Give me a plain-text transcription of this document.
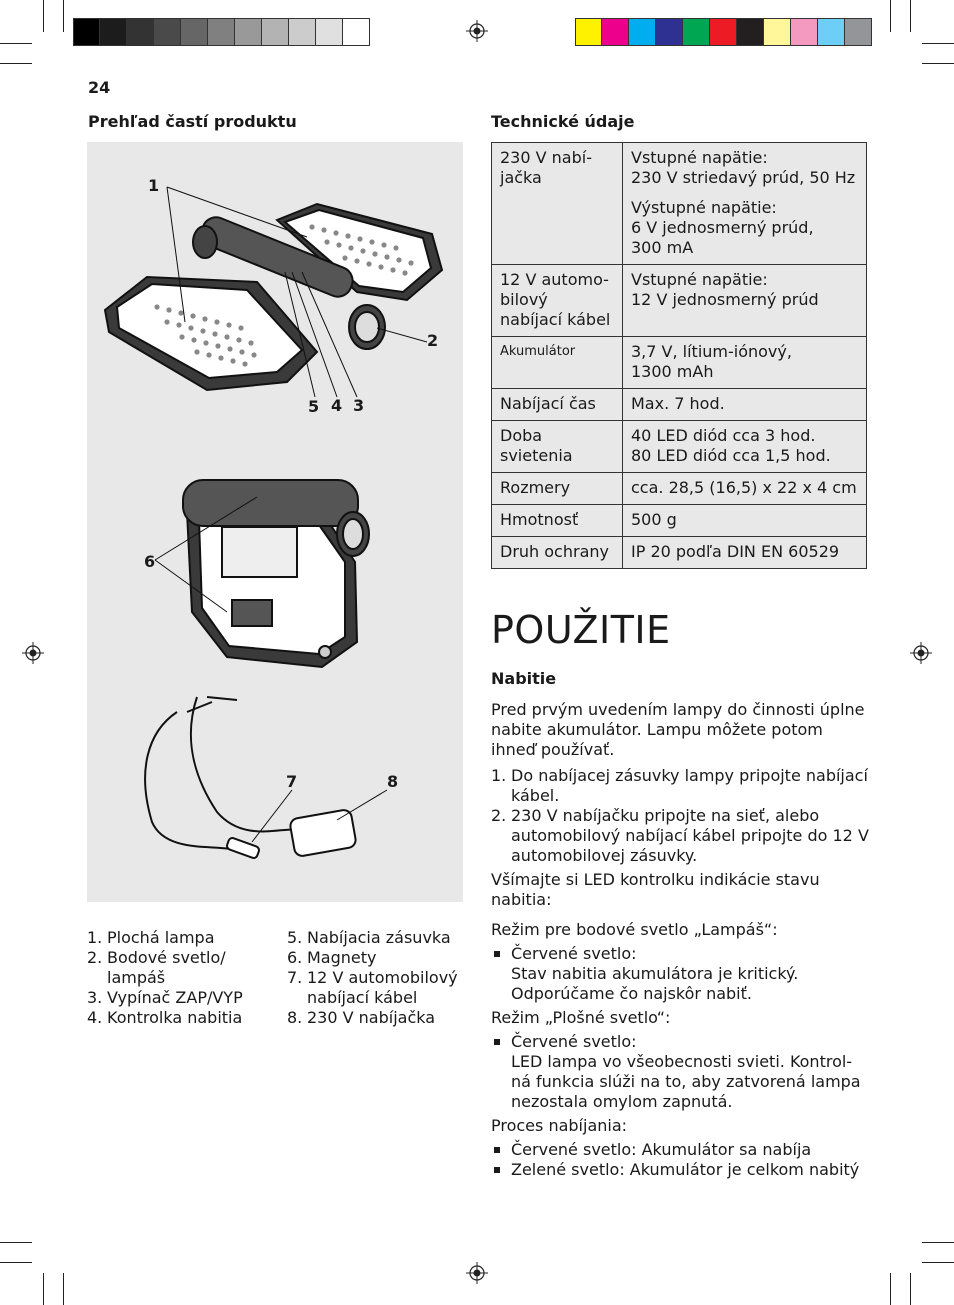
24
Prehľad častí produktu
1
2
3
4
5
6
7	8
1. Plochá lampa
2. Bodové svetlo/ lampáš
3. Vypínač ZAP/VYP
4. Kontrolka nabitia
5. Nabíjacia zásuvka
6. Magnety
7. 12 V automobilový nabíjací kábel
8. 230 V nabíjačka
Technické údaje
230 V nabí- jačka	Vstupné napätie:
230 V striedavý prúd, 50 Hz
Výstupné napätie:
6 V jednosmerný prúd,
300 mA

12 V automo- bilový nabíjací kábel	Vstupné napätie:
12 V jednosmerný prúd

Akumulátor	3,7 V, lítium-iónový,
1300 mAh

Nabíjací čas	Max. 7 hod.
Doba svietenia	40 LED diód cca 3 hod.
80 LED diód cca 1,5 hod.

Rozmery	cca. 28,5 (16,5) x 22 x 4 cm
Hmotnosť	500 g
Druh ochrany	IP 20 podľa DIN EN 60529
POUŽITIE
Nabitie
Pred prvým uvedením lampy do činnosti úplne nabite akumulátor. Lampu môžete potom ihneď používať.
1. Do nabíjacej zásuvky lampy pripojte nabíjací kábel.
2. 230 V nabíjačku pripojte na sieť, alebo automobilový nabíjací kábel pripojte do 12 V automobilovej zásuvky.
Všímajte si LED kontrolku indikácie stavu nabitia:
Režim pre bodové svetlo „Lampáš“:
Červené svetlo:
Stav nabitia akumulátora je kritický. Odporúčame čo najskôr nabiť.
Režim „Plošné svetlo“:
Červené svetlo:
LED lampa vo všeobecnosti svieti. Kontrol-ná funkcia slúži na to, aby zatvorená lampa nezostala omylom zapnutá.
Proces nabíjania:
Červené svetlo: Akumulátor sa nabíja
Zelené svetlo: Akumulátor je celkom nabitý
